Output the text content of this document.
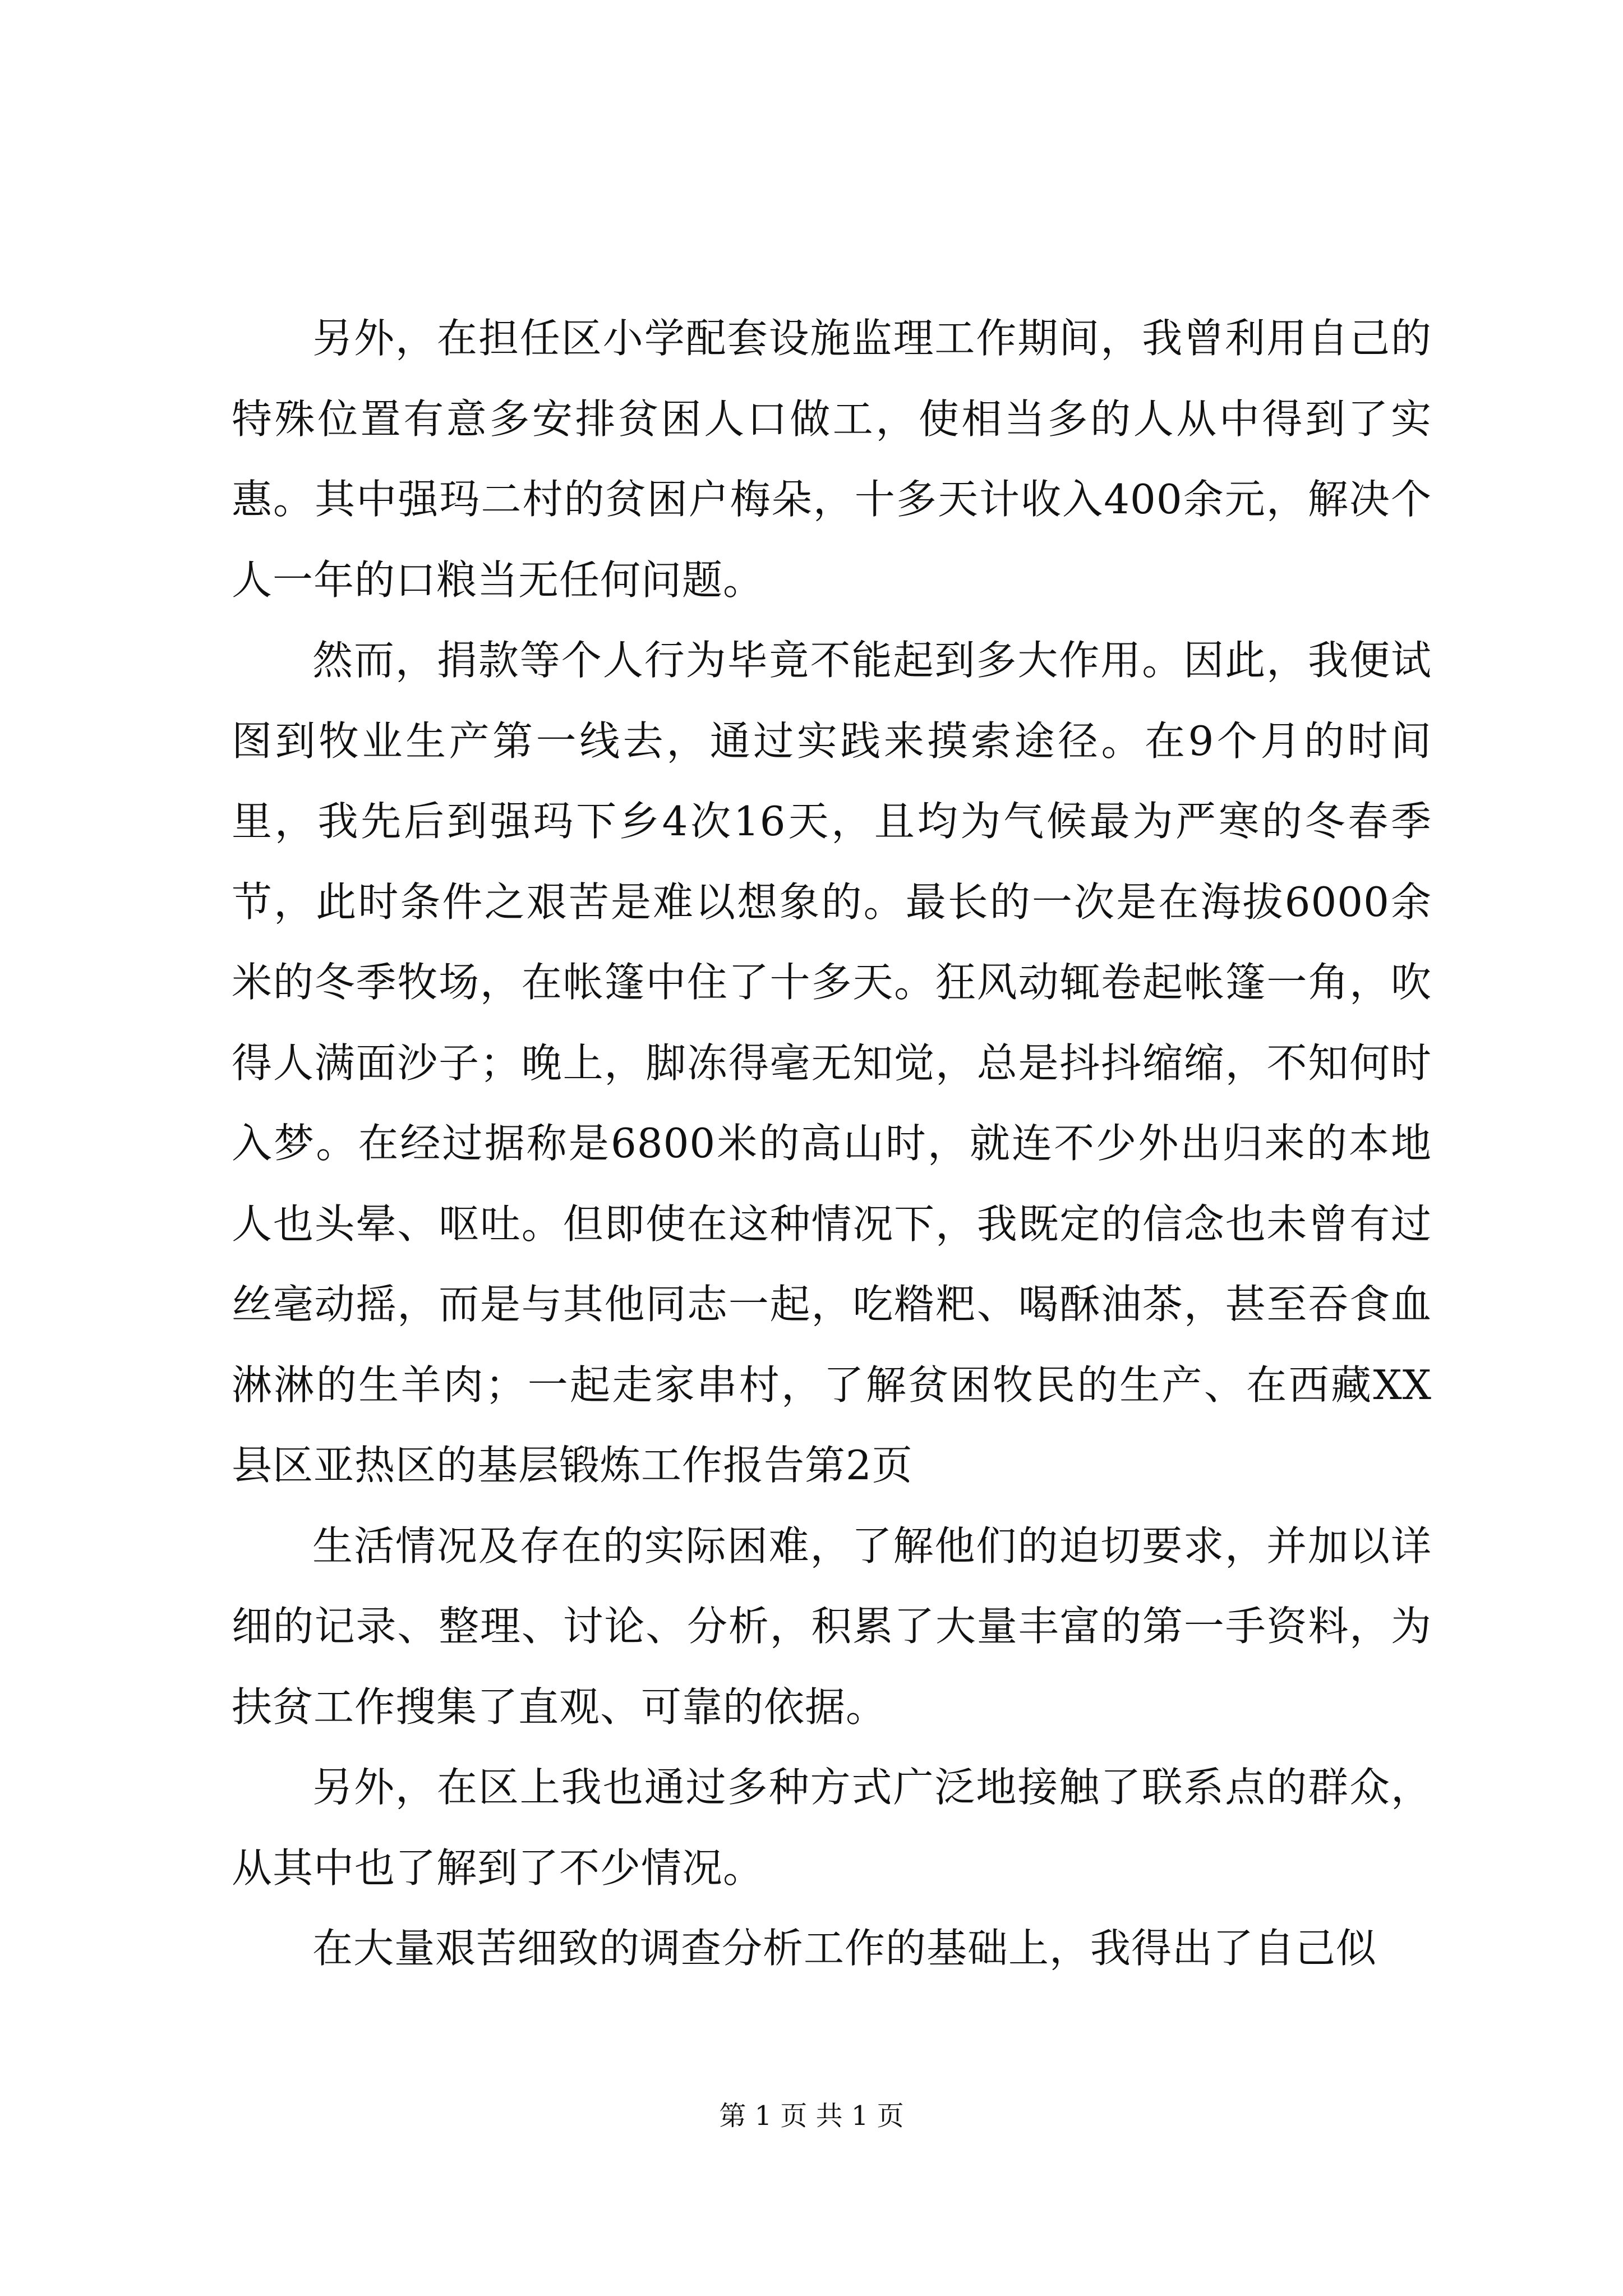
另外，在担任区小学配套设施监理工作期间，我曾利用自己的特殊位置有意多安排贫困人口做工，使相当多的人从中得到了实惠。其中强玛二村的贫困户梅朵，十多天计收入400余元，解决个人一年的口粮当无任何问题。

然而，捐款等个人行为毕竟不能起到多大作用。因此，我便试图到牧业生产第一线去，通过实践来摸索途径。在9个月的时间里，我先后到强玛下乡4次16天，且均为气候最为严寒的冬春季节，此时条件之艰苦是难以想象的。最长的一次是在海拔6000余米的冬季牧场，在帐篷中住了十多天。狂风动辄卷起帐篷一角，吹得人满面沙子；晚上，脚冻得毫无知觉，总是抖抖缩缩，不知何时入梦。在经过据称是6800米的高山时，就连不少外出归来的本地人也头晕、呕吐。但即使在这种情况下，我既定的信念也未曾有过丝毫动摇，而是与其他同志一起，吃糌粑、喝酥油茶，甚至吞食血淋淋的生羊肉；一起走家串村，了解贫困牧民的生产、在西藏XX县区亚热区的基层锻炼工作报告第2页

生活情况及存在的实际困难，了解他们的迫切要求，并加以详细的记录、整理、讨论、分析，积累了大量丰富的第一手资料，为扶贫工作搜集了直观、可靠的依据。

另外，在区上我也通过多种方式广泛地接触了联系点的群众，从其中也了解到了不少情况。

在大量艰苦细致的调查分析工作的基础上，我得出了自己似

第 1 页 共 1 页
